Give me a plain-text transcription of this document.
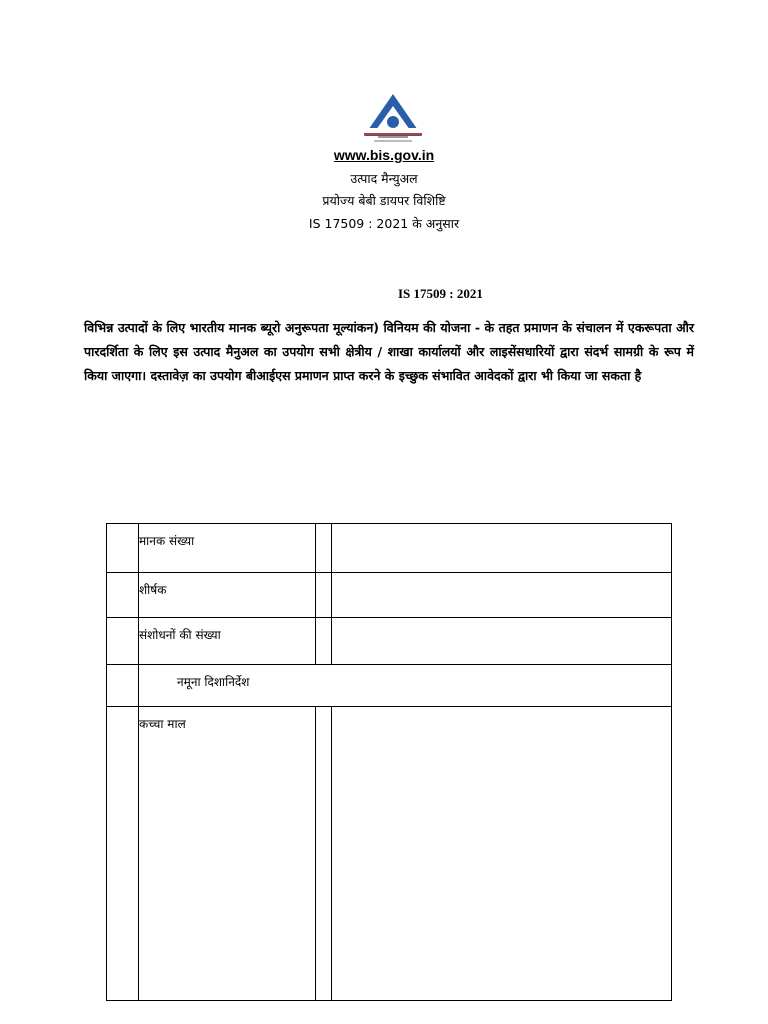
www.bis.gov.in
उत्पाद मैन्युअल
प्रयोज्य बेबी डायपर विशिष्टि
IS 17509 : 2021 के अनुसार
IS 17509 : 2021
विभिन्न उत्पादों के लिए भारतीय मानक ब्यूरो अनुरूपता मूल्यांकन) विनियम की योजना - के तहत प्रमाणन के संचालन में एकरूपता और पारदर्शिता के लिए इस उत्पाद मैनुअल का उपयोग सभी क्षेत्रीय / शाखा कार्यालयों और लाइसेंसधारियों द्वारा संदर्भ सामग्री के रूप में किया जाएगा। दस्तावेज़ का उपयोग बीआईएस प्रमाणन प्राप्त करने के इच्छुक संभावित आवेदकों द्वारा भी किया जा सकता है

	मानक संख्या		

	शीर्षक		

	संशोधनों की संख्या		

	नमूना दिशानिर्देश		

	कच्चा माल		
